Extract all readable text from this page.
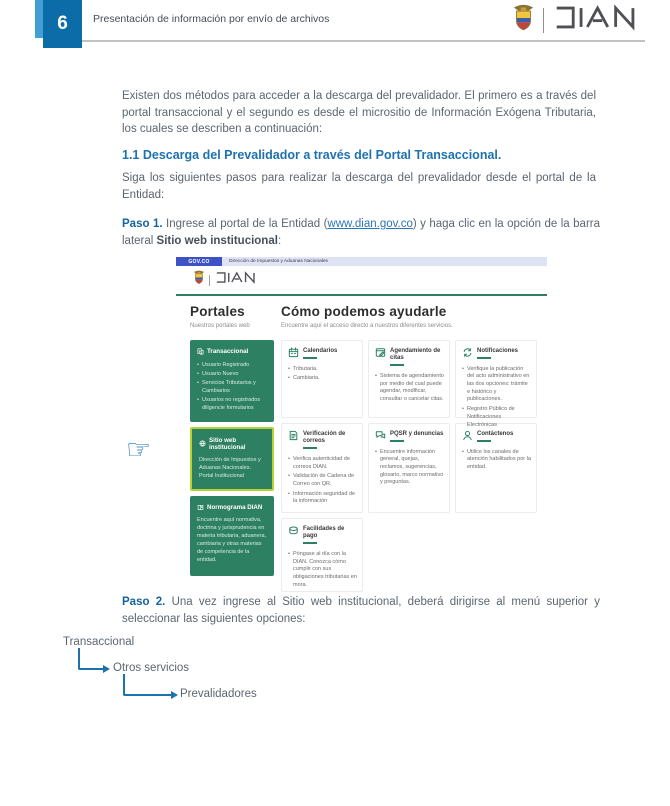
6 Presentación de información por envío de archivos

Existen dos métodos para acceder a la descarga del prevalidador. El primero es a través del portal transaccional y el segundo es desde el micrositio de Información Exógena Tributaria, los cuales se describen a continuación:

1.1 Descarga del Prevalidador a través del Portal Transaccional.

Siga los siguientes pasos para realizar la descarga del prevalidador desde el portal de la Entidad:

Paso 1. Ingrese al portal de la Entidad (www.dian.gov.co) y haga clic en la opción de la barra lateral Sitio web institucional:

GOV.CO	Dirección de Impuestos y Aduanas Nacionales
Portales
Nuestros portales web
Cómo podemos ayudarle
Encuentre aquí el acceso directo a nuestros diferentes servicios.
Transaccional
• Usuario Registrado
• Usuario Nuevo
• Servicios Tributarios y Cambiarios
• Usuarios no registrados diligencie formularios
Sitio web institucional
Dirección de Impuestos y Aduanas Nacionales. Portal Institucional
Normograma DIAN
Encuentre aquí normativa, doctrina y jurisprudencia en materia tributaria, aduanera, cambiaria y otras materias de competencia de la entidad.
Calendarios
• Tributaria.
• Cambiaria.
Agendamiento de citas
• Sistema de agendamiento por medio del cual puede agendar, modificar, consultar o cancelar citas.
Notificaciones
• Verifique la publicación del acto administrativo en las dos opciones: trámite e histórico y publicaciones.
• Registro Público de Notificaciones Electrónicas
Verificación de correos
• Verifica autenticidad de correos DIAN.
• Validación de Cadena de Correo con QR.
• Información seguridad de la información
PQSR y denuncias
• Encuentre información general, quejas, reclamos, sugerencias, glosario, marco normativo y preguntas.
Contáctenos
• Utilice los canales de atención habilitados por la entidad.
Facilidades de pago
• Póngase al día con la DIAN. Conozca cómo cumplir con sus obligaciones tributarias en mora.
☞

Paso 2. Una vez ingrese al Sitio web institucional, deberá dirigirse al menú superior y seleccionar las siguientes opciones:

Transaccional
Otros servicios
Prevalidadores
